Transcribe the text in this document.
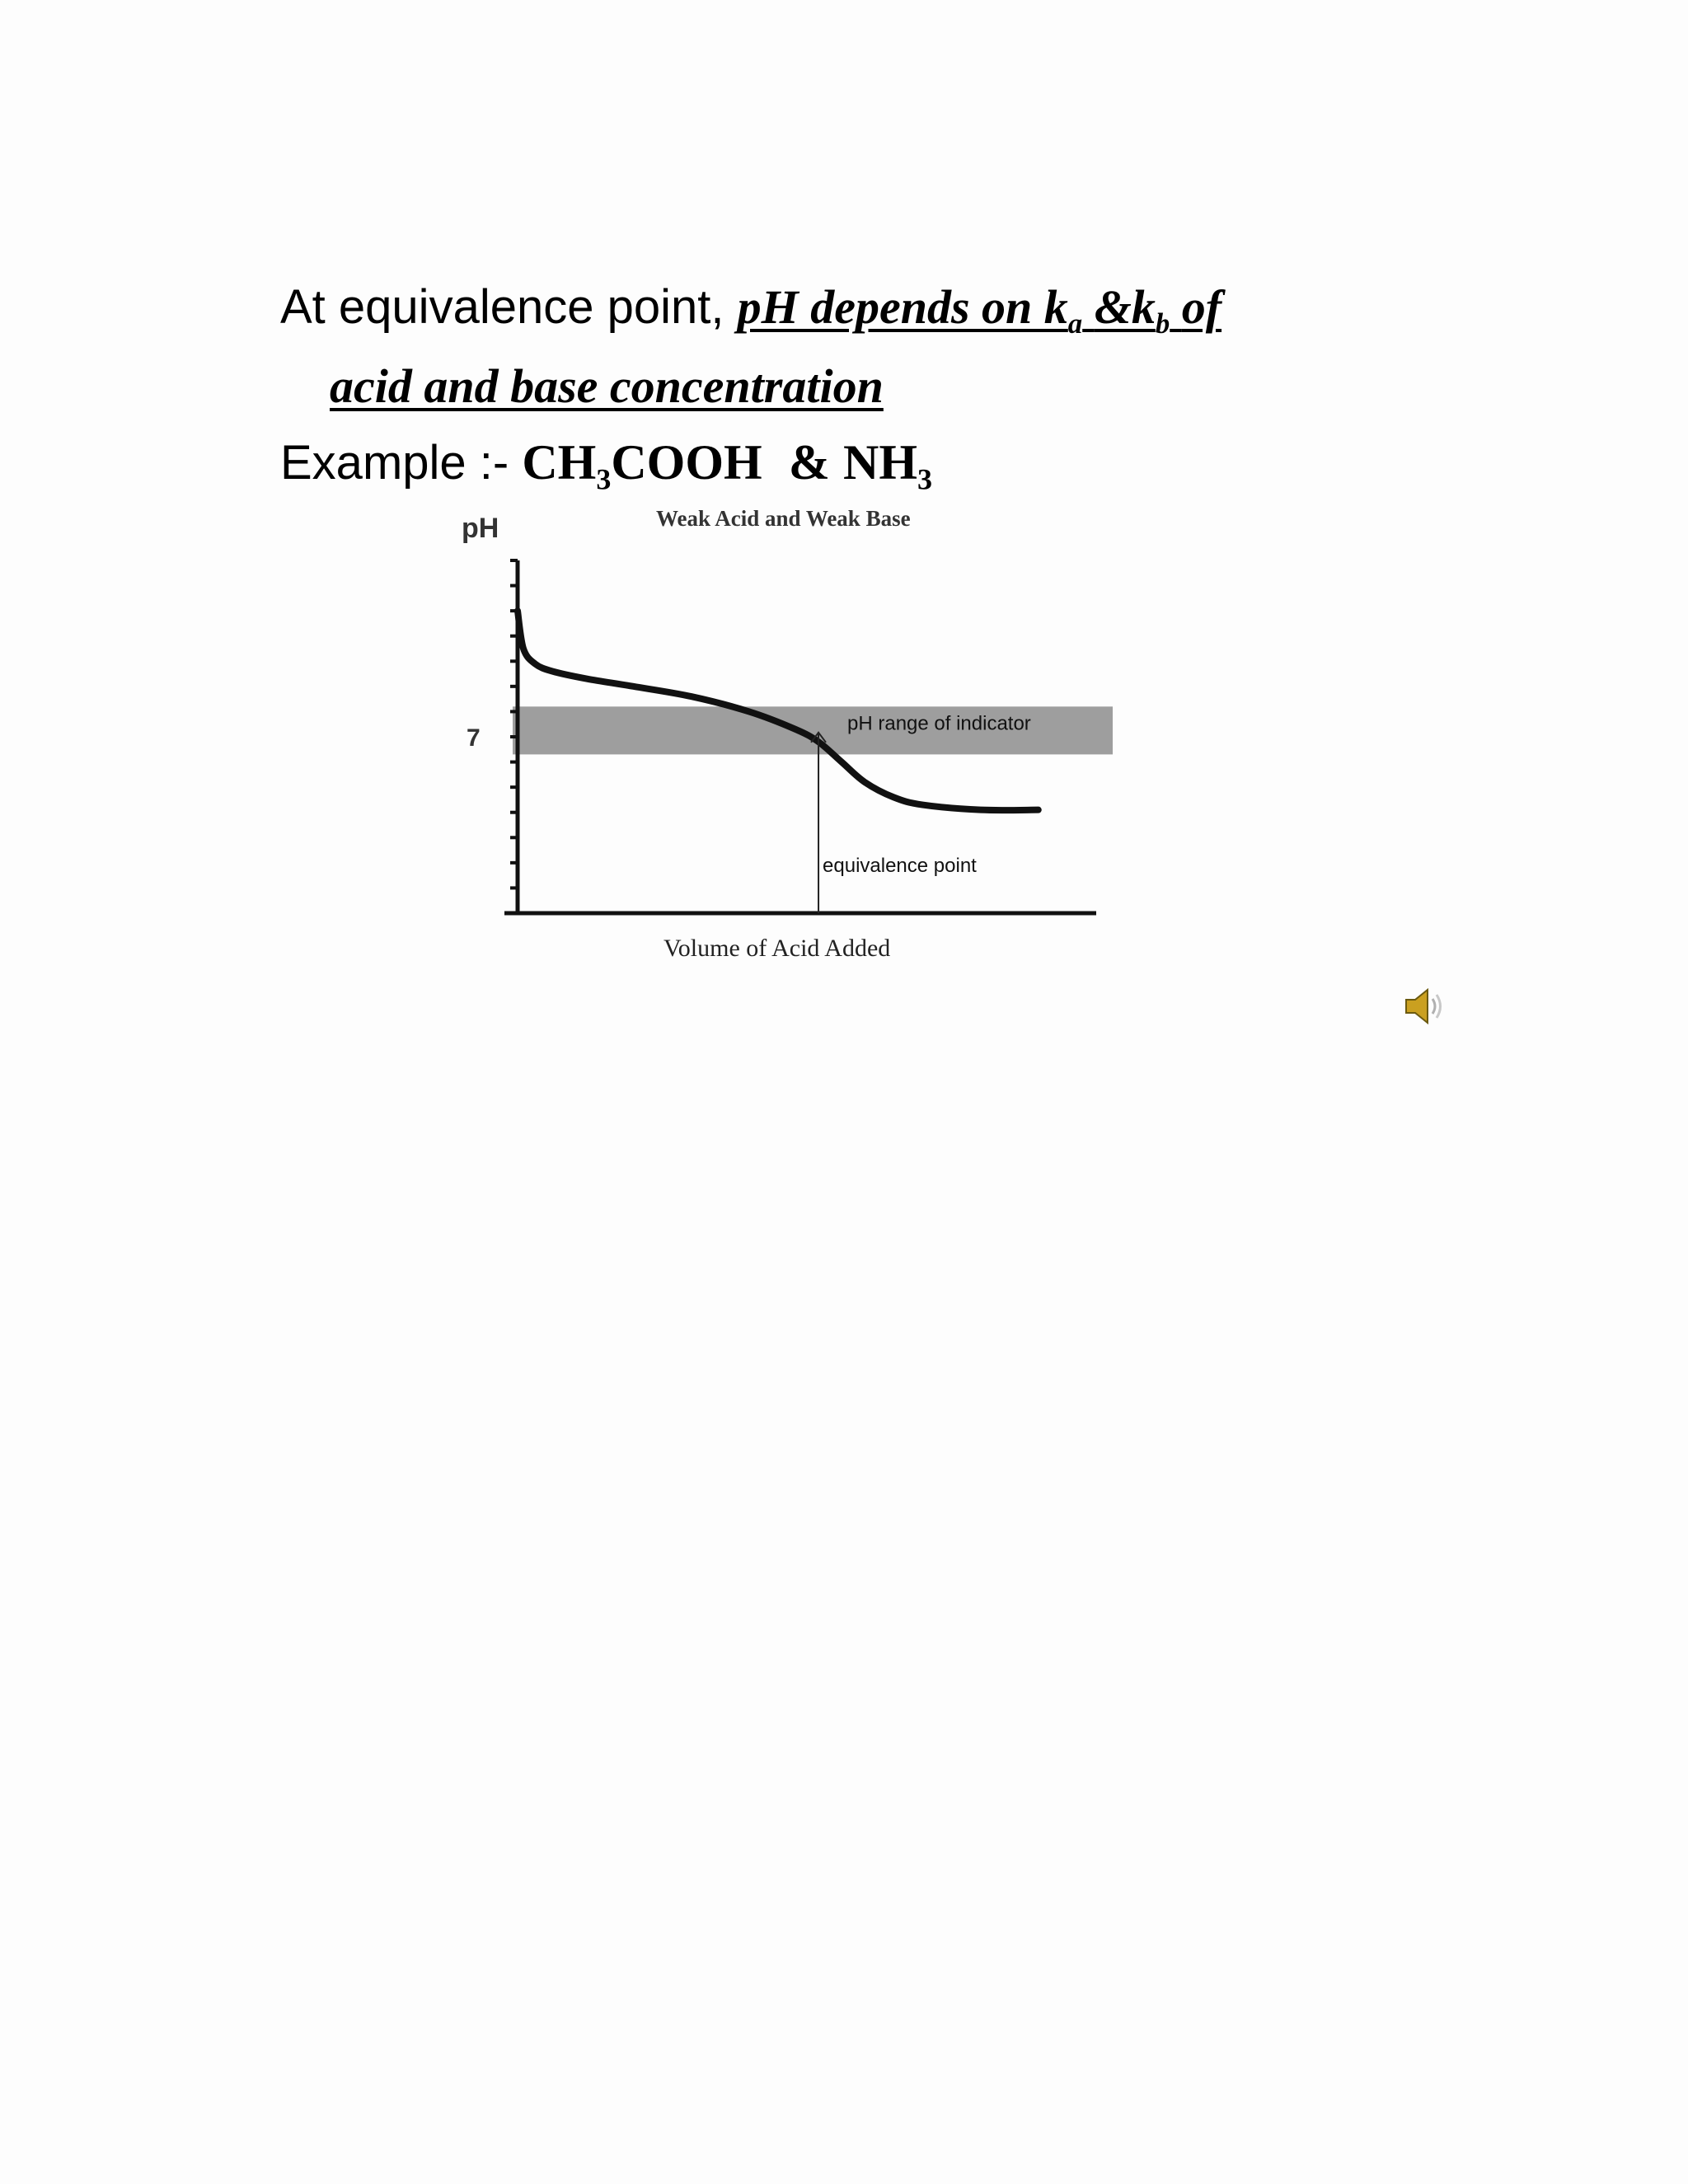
At equivalence point, pH depends on $k_a$ $\&k_b$ of
acid and base concentration
Example :- $CH_3COOH$ & $NH_3$
pH range of indicator
equivalence point
Weak Acid and Weak Base
pH
Volume of Acid Added
7
